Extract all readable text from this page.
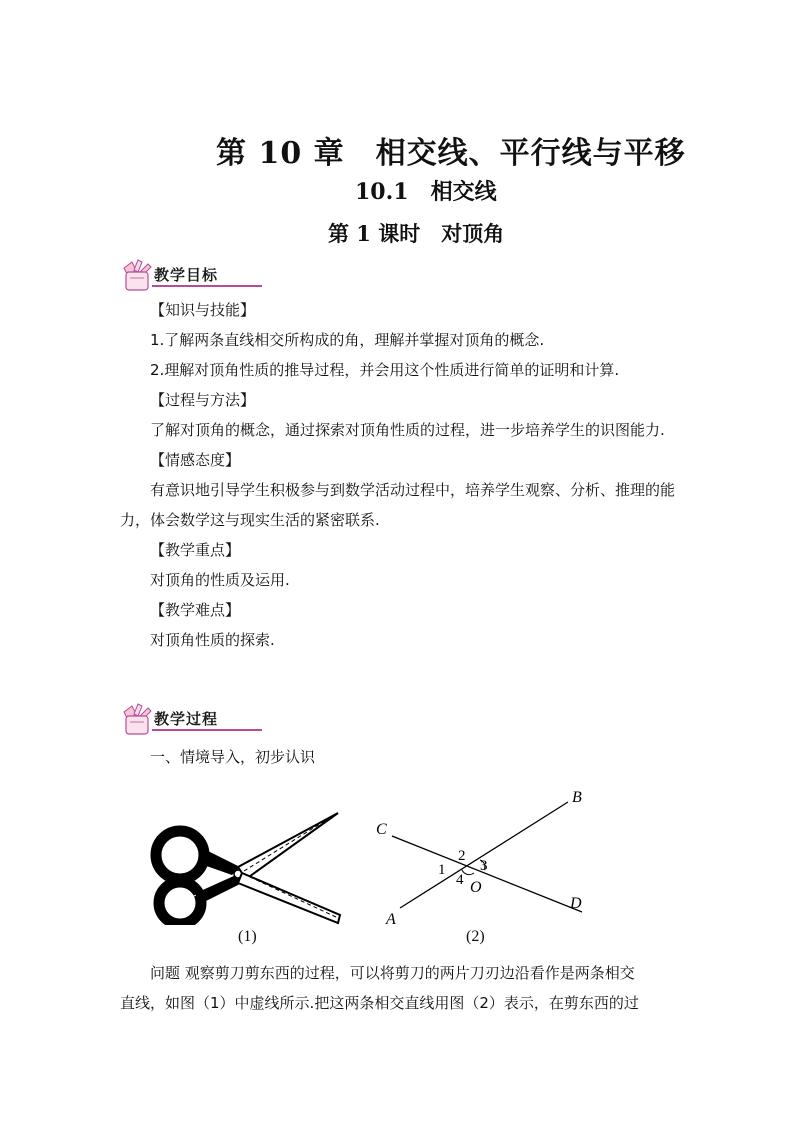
第 10 章　相交线、平行线与平移
10.1　相交线
第 1 课时　对顶角
教学目标
【知识与技能】
1.了解两条直线相交所构成的角，理解并掌握对顶角的概念.
2.理解对顶角性质的推导过程，并会用这个性质进行简单的证明和计算.
【过程与方法】
了解对顶角的概念，通过探索对顶角性质的过程，进一步培养学生的识图能力.
【情感态度】
有意识地引导学生积极参与到数学活动过程中，培养学生观察、分析、推理的能力，体会数学这与现实生活的紧密联系.
【教学重点】
对顶角的性质及运用.
【教学难点】
对顶角性质的探索.
教学过程
一、情境导入，初步认识
(1)
B
C
D
A
O
1
2
3
4
(2)
问题 观察剪刀剪东西的过程，可以将剪刀的两片刀刃边沿看作是两条相交
直线，如图（1）中虚线所示.把这两条相交直线用图（2）表示，在剪东西的过
